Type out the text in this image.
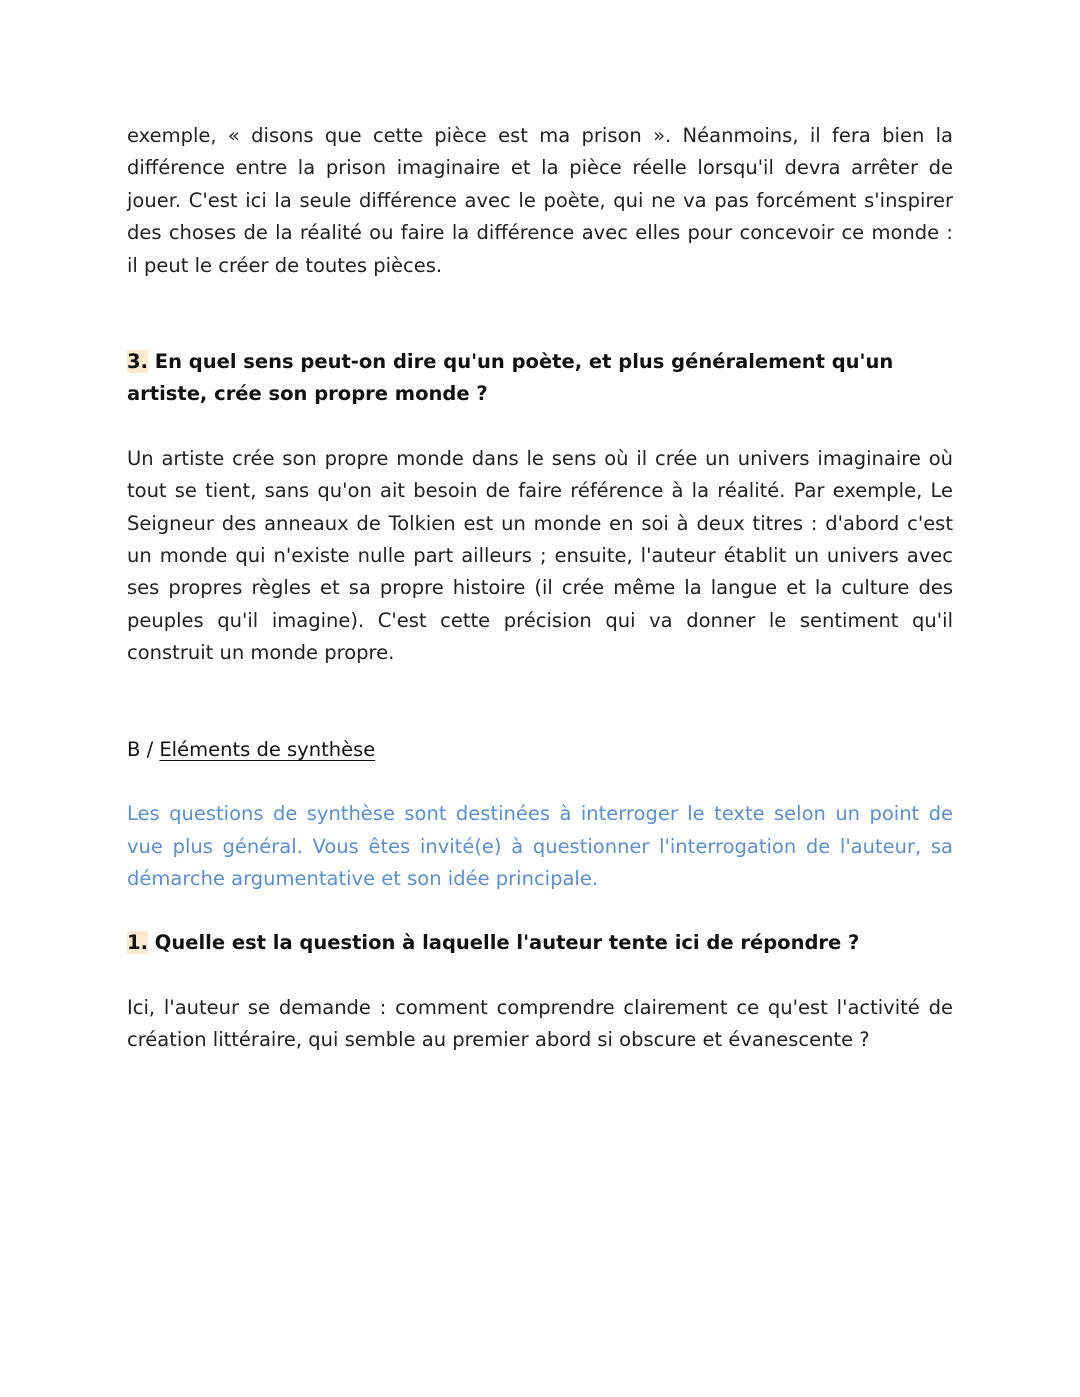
exemple, « disons que cette pièce est ma prison ». Néanmoins, il fera bien la différence entre la prison imaginaire et la pièce réelle lorsqu'il devra arrêter de jouer. C'est ici la seule différence avec le poète, qui ne va pas forcément s'inspirer des choses de la réalité ou faire la différence avec elles pour concevoir ce monde : il peut le créer de toutes pièces.

3. En quel sens peut-on dire qu'un poète, et plus généralement qu'un artiste, crée son propre monde ?

Un artiste crée son propre monde dans le sens où il crée un univers imaginaire où tout se tient, sans qu'on ait besoin de faire référence à la réalité. Par exemple, Le Seigneur des anneaux de Tolkien est un monde en soi à deux titres : d'abord c'est un monde qui n'existe nulle part ailleurs ; ensuite, l'auteur établit un univers avec ses propres règles et sa propre histoire (il crée même la langue et la culture des peuples qu'il imagine). C'est cette précision qui va donner le sentiment qu'il construit un monde propre.

B / Eléments de synthèse

Les questions de synthèse sont destinées à interroger le texte selon un point de vue plus général. Vous êtes invité(e) à questionner l'interrogation de l'auteur, sa démarche argumentative et son idée principale.

1. Quelle est la question à laquelle l'auteur tente ici de répondre ?

Ici, l'auteur se demande : comment comprendre clairement ce qu'est l'activité de création littéraire, qui semble au premier abord si obscure et évanescente ?
